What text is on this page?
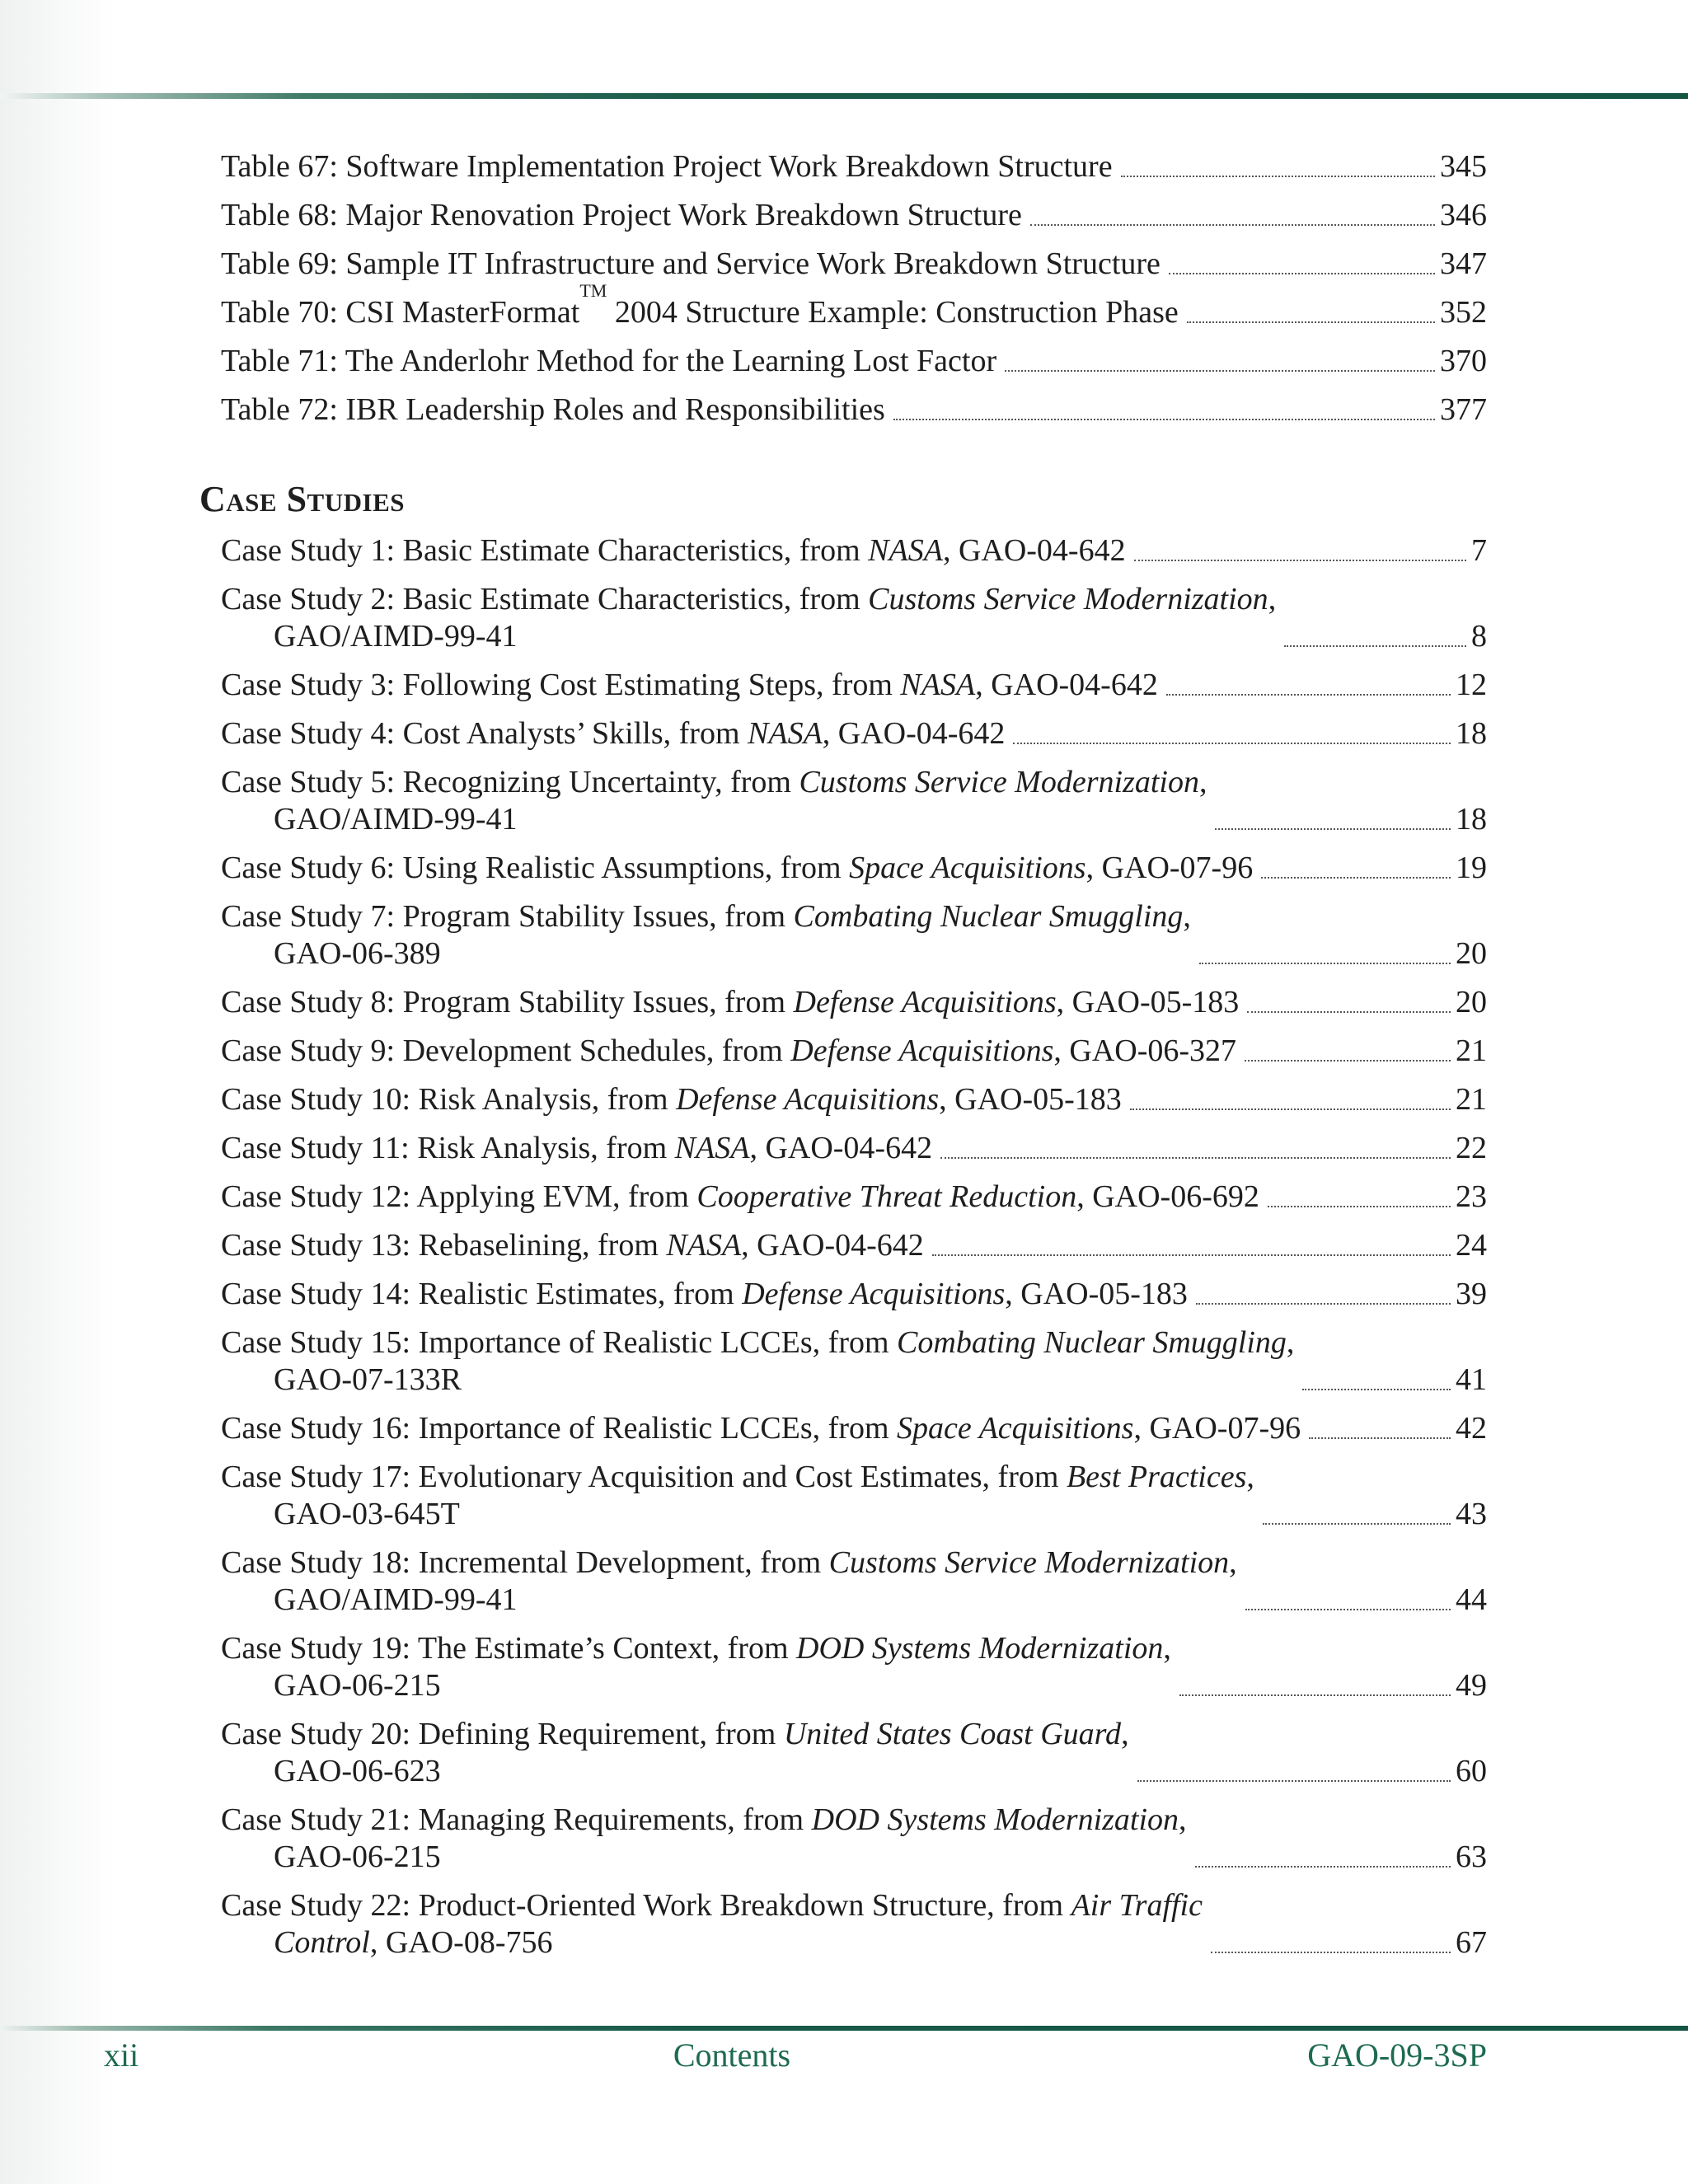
Table 67: Software Implementation Project Work Breakdown Structure	345
Table 68: Major Renovation Project Work Breakdown Structure	346
Table 69: Sample IT Infrastructure and Service Work Breakdown Structure	347
Table 70: CSI MasterFormat™ 2004 Structure Example: Construction Phase	352
Table 71: The Anderlohr Method for the Learning Lost Factor	370
Table 72: IBR Leadership Roles and Responsibilities	377
Case Studies
Case Study 1: Basic Estimate Characteristics, from NASA, GAO-04-642	7
Case Study 2: Basic Estimate Characteristics, from Customs Service Modernization,
GAO/AIMD-99-41	8
Case Study 3: Following Cost Estimating Steps, from NASA, GAO-04-642	12
Case Study 4: Cost Analysts’ Skills, from NASA, GAO-04-642	18
Case Study 5: Recognizing Uncertainty, from Customs Service Modernization,
GAO/AIMD-99-41	18
Case Study 6: Using Realistic Assumptions, from Space Acquisitions, GAO-07-96	19
Case Study 7: Program Stability Issues, from Combating Nuclear Smuggling,
GAO-06-389	20
Case Study 8: Program Stability Issues, from Defense Acquisitions, GAO-05-183	20
Case Study 9: Development Schedules, from Defense Acquisitions, GAO-06-327	21
Case Study 10: Risk Analysis, from Defense Acquisitions, GAO-05-183	21
Case Study 11: Risk Analysis, from NASA, GAO-04-642	22
Case Study 12: Applying EVM, from Cooperative Threat Reduction, GAO-06-692	23
Case Study 13: Rebaselining, from NASA, GAO-04-642	24
Case Study 14: Realistic Estimates, from Defense Acquisitions, GAO-05-183	39
Case Study 15: Importance of Realistic LCCEs, from Combating Nuclear Smuggling,
GAO-07-133R	41
Case Study 16: Importance of Realistic LCCEs, from Space Acquisitions, GAO-07-96	42
Case Study 17: Evolutionary Acquisition and Cost Estimates, from Best Practices,
GAO-03-645T	43
Case Study 18: Incremental Development, from Customs Service Modernization,
GAO/AIMD-99-41	44
Case Study 19: The Estimate’s Context, from DOD Systems Modernization,
GAO-06-215	49
Case Study 20: Defining Requirement, from United States Coast Guard,
GAO-06-623	60
Case Study 21: Managing Requirements, from DOD Systems Modernization,
GAO-06-215	63
Case Study 22: Product-Oriented Work Breakdown Structure, from Air Traffic
Control, GAO-08-756	67
xii	Contents	GAO-09-3SP
